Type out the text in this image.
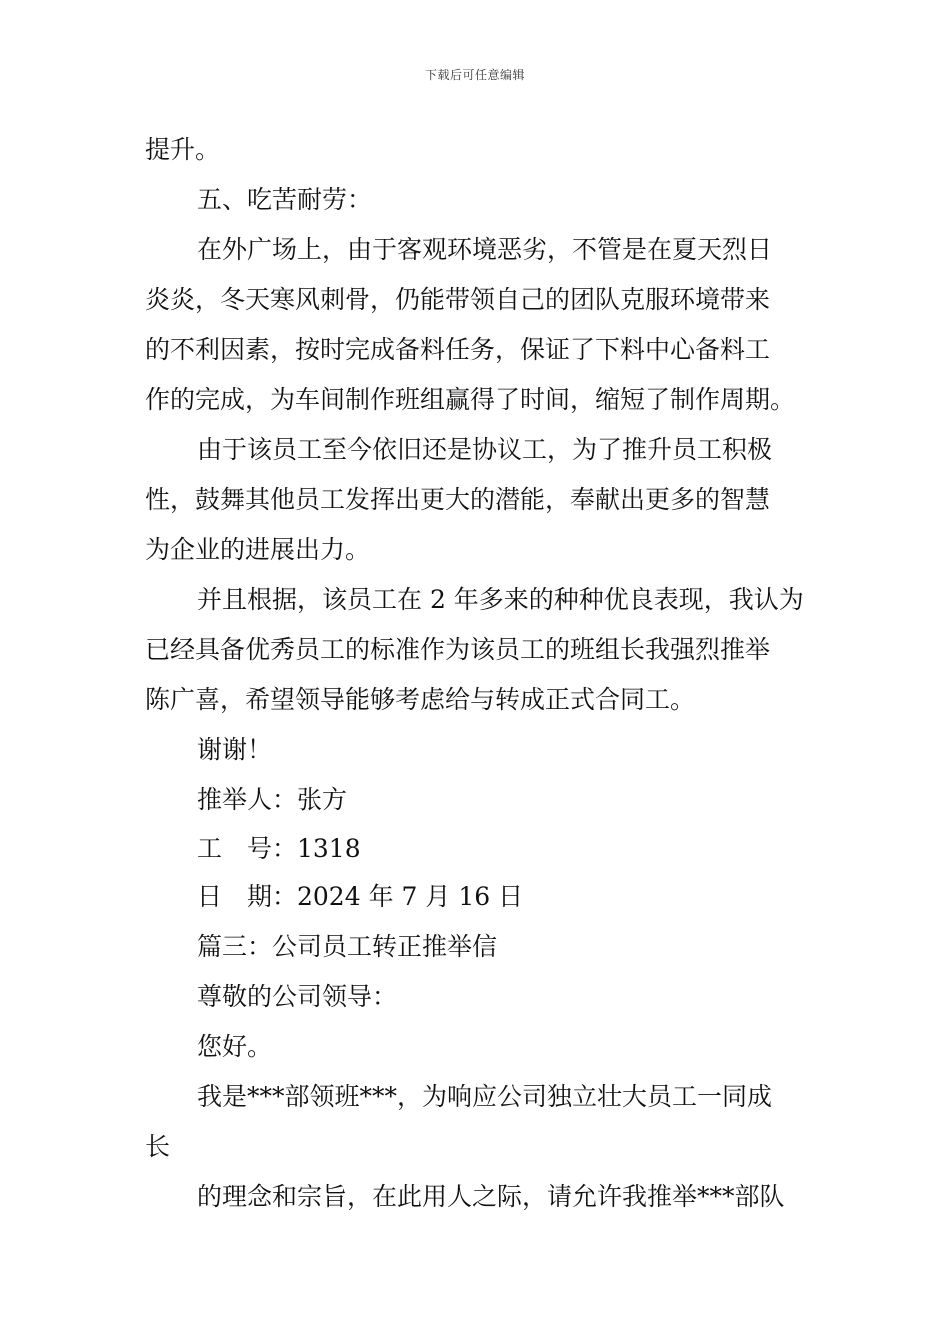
下载后可任意编辑
提升。
五、吃苦耐劳：
在外广场上，由于客观环境恶劣，不管是在夏天烈日
炎炎，冬天寒风刺骨，仍能带领自己的团队克服环境带来
的不利因素，按时完成备料任务，保证了下料中心备料工
作的完成，为车间制作班组赢得了时间，缩短了制作周期。
由于该员工至今依旧还是协议工，为了推升员工积极
性，鼓舞其他员工发挥出更大的潜能，奉献出更多的智慧
为企业的进展出力。
并且根据，该员工在 2 年多来的种种优良表现，我认为
已经具备优秀员工的标准作为该员工的班组长我强烈推举
陈广喜，希望领导能够考虑给与转成正式合同工。
谢谢！
推举人：张方
工　号：1318
日　期：2024 年 7 月 16 日
篇三：公司员工转正推举信
尊敬的公司领导：
您好。
我是***部领班***，为响应公司独立壮大员工一同成
长
的理念和宗旨，在此用人之际，请允许我推举***部队
